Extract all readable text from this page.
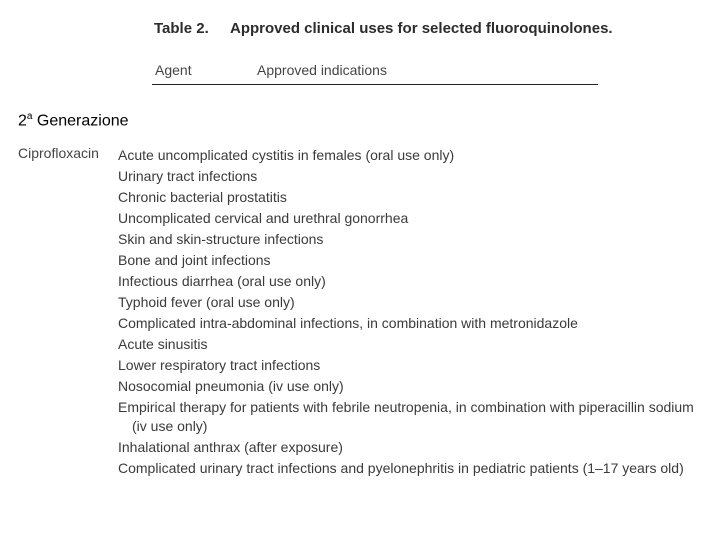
Table 2. Approved clinical uses for selected fluoroquinolones.
Agent	Approved indications
2$^a$ Generazione
Ciprofloxacin Acute uncomplicated cystitis in females (oral use only)
Urinary tract infections
Chronic bacterial prostatitis
Uncomplicated cervical and urethral gonorrhea
Skin and skin-structure infections
Bone and joint infections
Infectious diarrhea (oral use only)
Typhoid fever (oral use only)
Complicated intra-abdominal infections, in combination with metronidazole
Acute sinusitis
Lower respiratory tract infections
Nosocomial pneumonia (iv use only)
Empirical therapy for patients with febrile neutropenia, in combination with piperacillin sodium (iv use only)
Inhalational anthrax (after exposure)
Complicated urinary tract infections and pyelonephritis in pediatric patients (1–17 years old)
